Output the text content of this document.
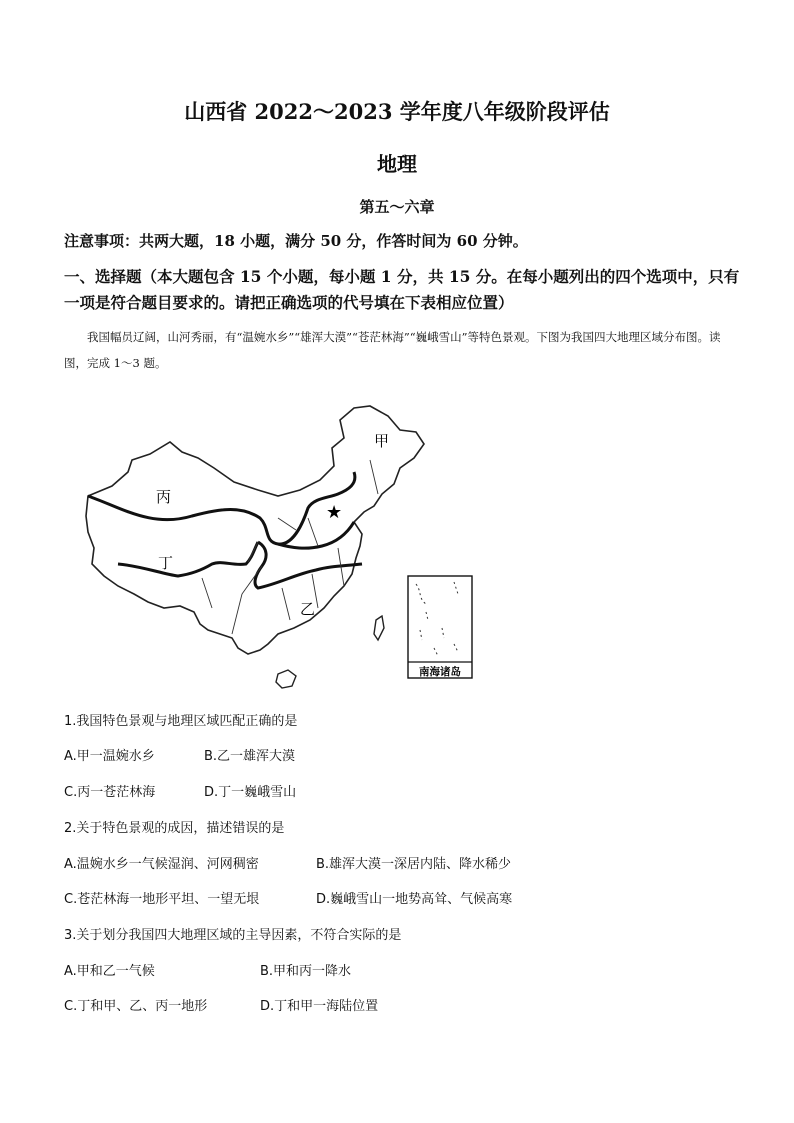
山西省 2022～2023 学年度八年级阶段评估
地理
第五～六章
注意事项：共两大题，18 小题，满分 50 分，作答时间为 60 分钟。
一、选择题（本大题包含 15 个小题，每小题 1 分，共 15 分。在每小题列出的四个选项中，只有一项是符合题目要求的。请把正确选项的代号填在下表相应位置）
我国幅员辽阔，山河秀丽，有“温婉水乡”“雄浑大漠”“苍茫林海”“巍峨雪山”等特色景观。下图为我国四大地理区域分布图。读图，完成 1～3 题。
★
甲
乙
丙
丁
南海诸岛
1.我国特色景观与地理区域匹配正确的是
A.甲一温婉水乡	B.乙一雄浑大漠
C.丙一苍茫林海	D.丁一巍峨雪山
2.关于特色景观的成因，描述错误的是
A.温婉水乡一气候湿润、河网稠密	B.雄浑大漠一深居内陆、降水稀少
C.苍茫林海一地形平坦、一望无垠	D.巍峨雪山一地势高耸、气候高寒
3.关于划分我国四大地理区域的主导因素，不符合实际的是
A.甲和乙一气候	B.甲和丙一降水
C.丁和甲、乙、丙一地形	D.丁和甲一海陆位置
